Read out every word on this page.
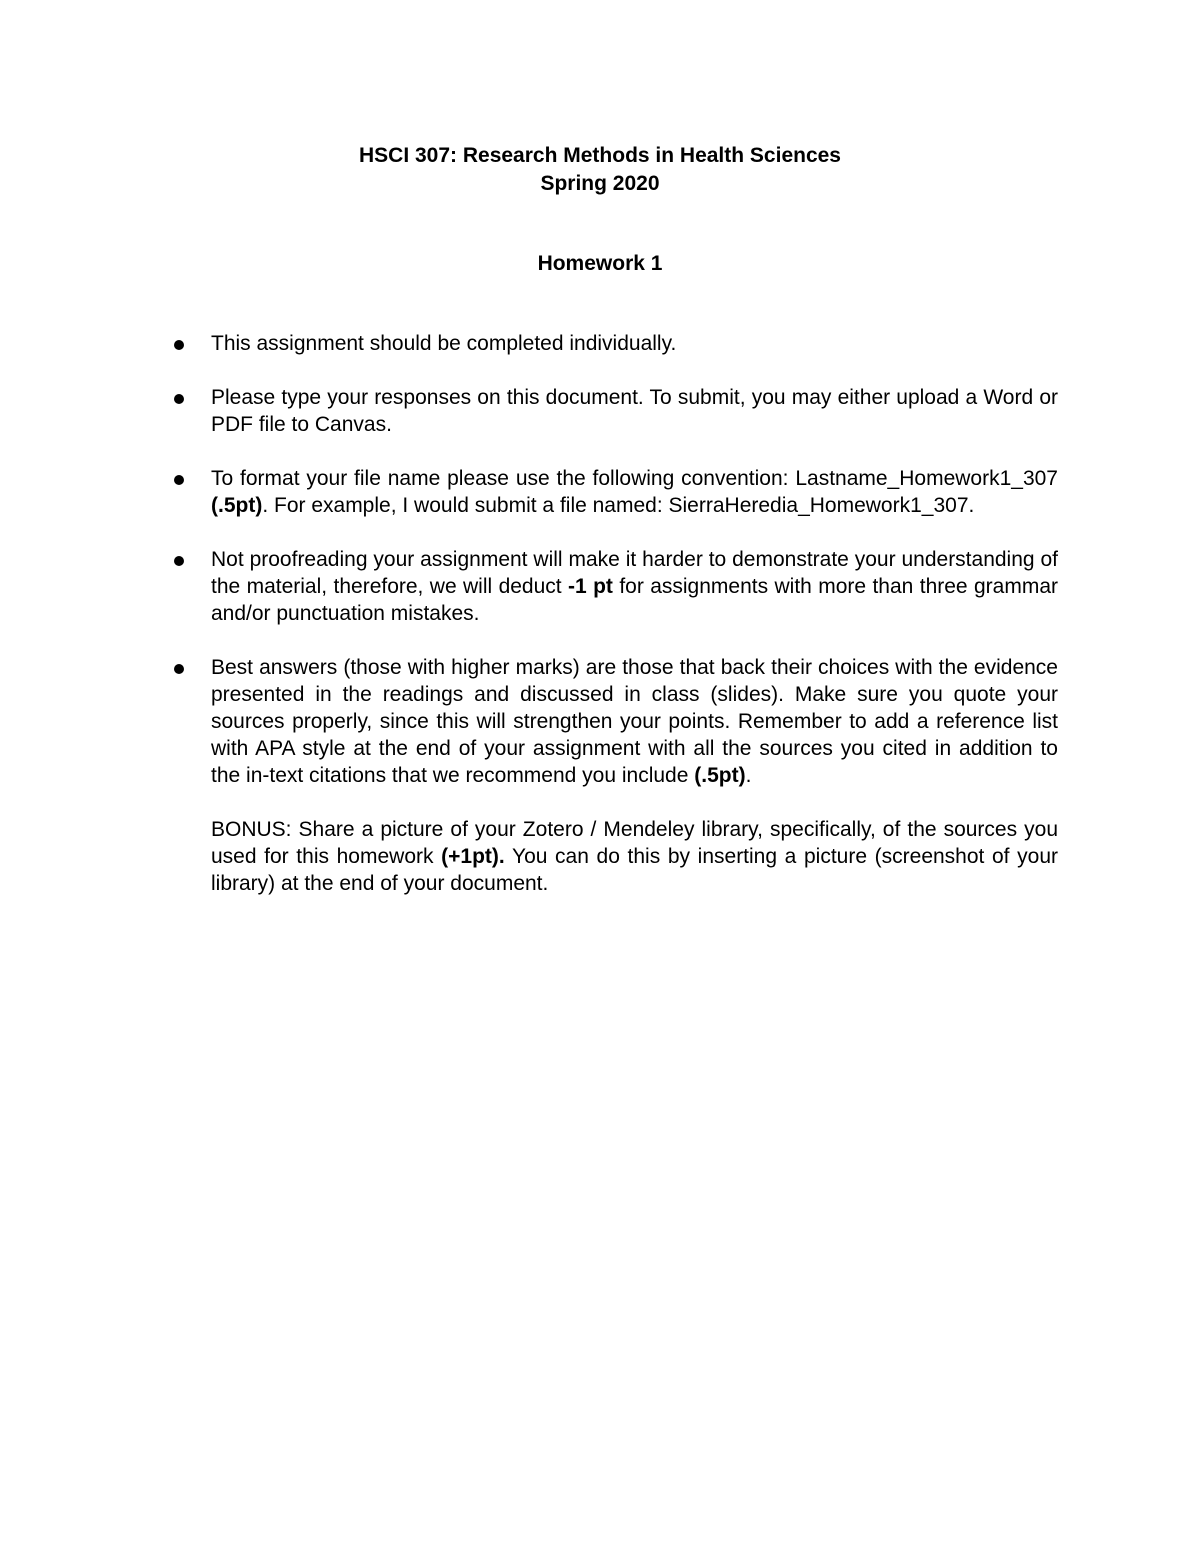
HSCI 307: Research Methods in Health Sciences
Spring 2020
Homework 1
This assignment should be completed individually.
Please type your responses on this document. To submit, you may either upload a Word or PDF file to Canvas.
To format your file name please use the following convention: Lastname_Homework1_307 (.5pt). For example, I would submit a file named: SierraHeredia_Homework1_307.
Not proofreading your assignment will make it harder to demonstrate your understanding of the material, therefore, we will deduct -1 pt for assignments with more than three grammar and/or punctuation mistakes.
Best answers (those with higher marks) are those that back their choices with the evidence presented in the readings and discussed in class (slides). Make sure you quote your sources properly, since this will strengthen your points. Remember to add a reference list with APA style at the end of your assignment with all the sources you cited in addition to the in-text citations that we recommend you include (.5pt).

BONUS: Share a picture of your Zotero / Mendeley library, specifically, of the sources you used for this homework (+1pt). You can do this by inserting a picture (screenshot of your library) at the end of your document.
